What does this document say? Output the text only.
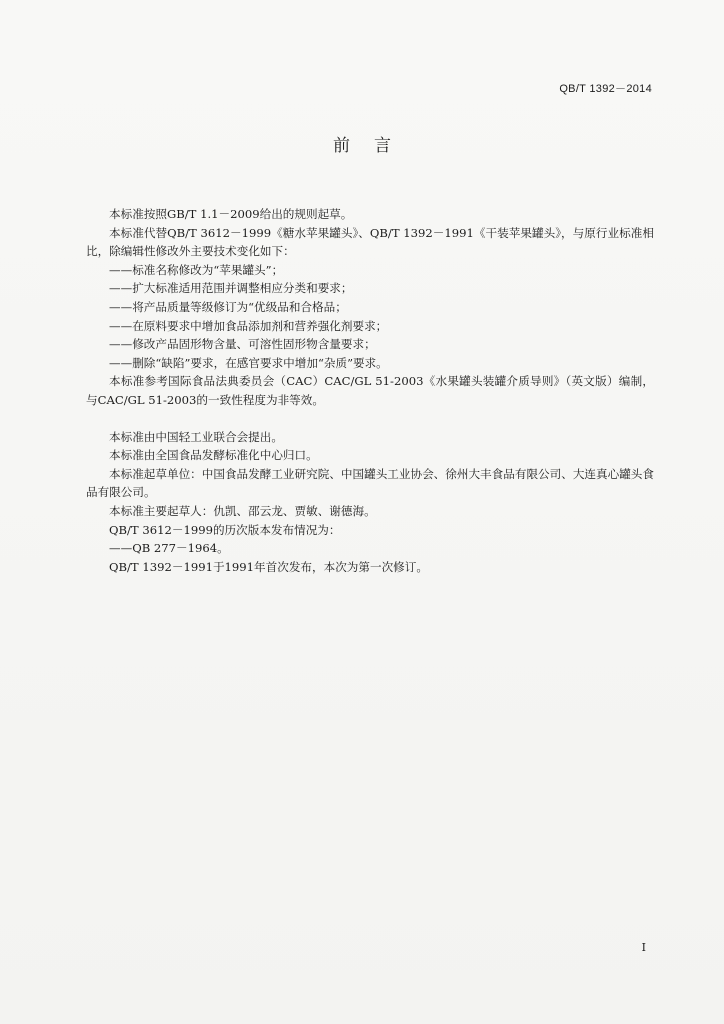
QB/T 1392－2014
前言

本标准按照GB/T 1.1－2009给出的规则起草。

本标准代替QB/T 3612－1999《糖水苹果罐头》、QB/T 1392－1991《干装苹果罐头》，与原行业标准相比，除编辑性修改外主要技术变化如下：

——标准名称修改为“苹果罐头”；

——扩大标准适用范围并调整相应分类和要求；

——将产品质量等级修订为“优级品和合格品；

——在原料要求中增加食品添加剂和营养强化剂要求；

——修改产品固形物含量、可溶性固形物含量要求；

——删除“缺陷”要求，在感官要求中增加“杂质”要求。

本标准参考国际食品法典委员会（CAC）CAC/GL 51-2003《水果罐头装罐介质导则》（英文版）编制，与CAC/GL 51-2003的一致性程度为非等效。

本标准由中国轻工业联合会提出。

本标准由全国食品发酵标准化中心归口。

本标准起草单位：中国食品发酵工业研究院、中国罐头工业协会、徐州大丰食品有限公司、大连真心罐头食品有限公司。

本标准主要起草人：仇凯、邵云龙、贾敏、谢德海。

QB/T 3612－1999的历次版本发布情况为：

——QB 277－1964。

QB/T 1392－1991于1991年首次发布，本次为第一次修订。

I
